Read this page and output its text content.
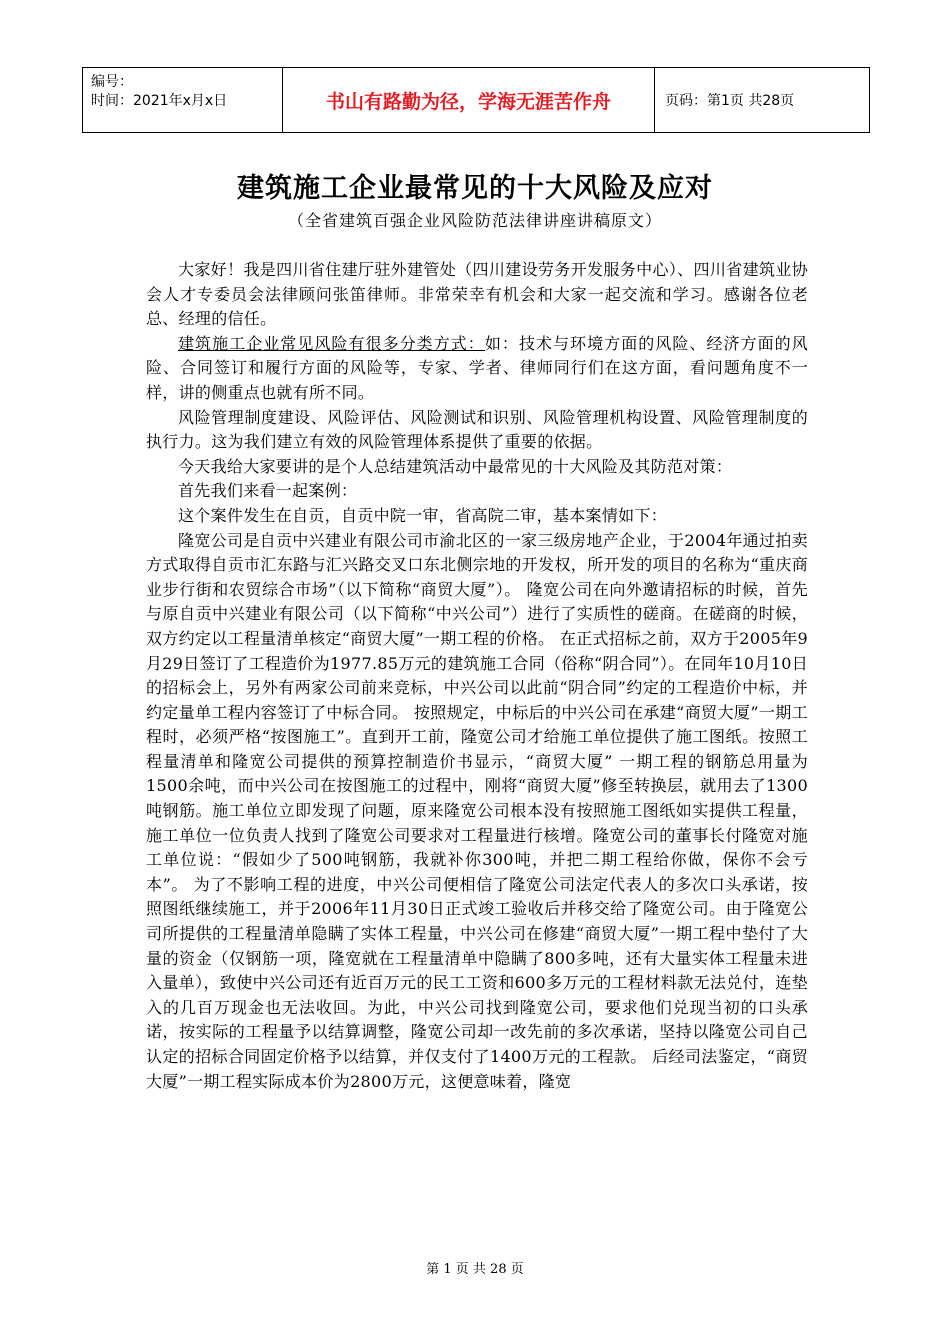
编号：
时间：2021年x月x日	书山有路勤为径，学海无涯苦作舟	页码：第1页 共28页
建筑施工企业最常见的十大风险及应对
（全省建筑百强企业风险防范法律讲座讲稿原文）

大家好！我是四川省住建厅驻外建管处（四川建设劳务开发服务中心）、四川省建筑业协会人才专委员会法律顾问张笛律师。非常荣幸有机会和大家一起交流和学习。感谢各位老总、经理的信任。

建筑施工企业常见风险有很多分类方式：如：技术与环境方面的风险、经济方面的风险、合同签订和履行方面的风险等，专家、学者、律师同行们在这方面，看问题角度不一样，讲的侧重点也就有所不同。

风险管理制度建设、风险评估、风险测试和识别、风险管理机构设置、风险管理制度的执行力。这为我们建立有效的风险管理体系提供了重要的依据。

今天我给大家要讲的是个人总结建筑活动中最常见的十大风险及其防范对策：

首先我们来看一起案例：

这个案件发生在自贡，自贡中院一审，省高院二审，基本案情如下：

隆宽公司是自贡中兴建业有限公司市渝北区的一家三级房地产企业，于2004年通过拍卖方式取得自贡市汇东路与汇兴路交叉口东北侧宗地的开发权，所开发的项目的名称为“重庆商业步行街和农贸综合市场”（以下简称“商贸大厦”）。 隆宽公司在向外邀请招标的时候，首先与原自贡中兴建业有限公司（以下简称“中兴公司”）进行了实质性的磋商。在磋商的时候，双方约定以工程量清单核定“商贸大厦”一期工程的价格。 在正式招标之前，双方于2005年9月29日签订了工程造价为1977.85万元的建筑施工合同（俗称“阴合同”）。在同年10月10日的招标会上，另外有两家公司前来竞标，中兴公司以此前“阴合同”约定的工程造价中标，并约定量单工程内容签订了中标合同。 按照规定，中标后的中兴公司在承建“商贸大厦”一期工程时，必须严格“按图施工”。直到开工前，隆宽公司才给施工单位提供了施工图纸。按照工程量清单和隆宽公司提供的预算控制造价书显示，“商贸大厦” 一期工程的钢筋总用量为1500余吨，而中兴公司在按图施工的过程中，刚将“商贸大厦”修至转换层，就用去了1300吨钢筋。施工单位立即发现了问题，原来隆宽公司根本没有按照施工图纸如实提供工程量，施工单位一位负责人找到了隆宽公司要求对工程量进行核增。隆宽公司的董事长付隆宽对施工单位说：“假如少了500吨钢筋，我就补你300吨，并把二期工程给你做，保你不会亏本”。 为了不影响工程的进度，中兴公司便相信了隆宽公司法定代表人的多次口头承诺，按照图纸继续施工，并于2006年11月30日正式竣工验收后并移交给了隆宽公司。由于隆宽公司所提供的工程量清单隐瞒了实体工程量，中兴公司在修建“商贸大厦”一期工程中垫付了大量的资金（仅钢筋一项，隆宽就在工程量清单中隐瞒了800多吨，还有大量实体工程量未进入量单），致使中兴公司还有近百万元的民工工资和600多万元的工程材料款无法兑付，连垫入的几百万现金也无法收回。为此，中兴公司找到隆宽公司，要求他们兑现当初的口头承诺，按实际的工程量予以结算调整，隆宽公司却一改先前的多次承诺，坚持以隆宽公司自己认定的招标合同固定价格予以结算，并仅支付了1400万元的工程款。 后经司法鉴定，“商贸大厦”一期工程实际成本价为2800万元，这便意味着，隆宽

第 1 页 共 28 页
